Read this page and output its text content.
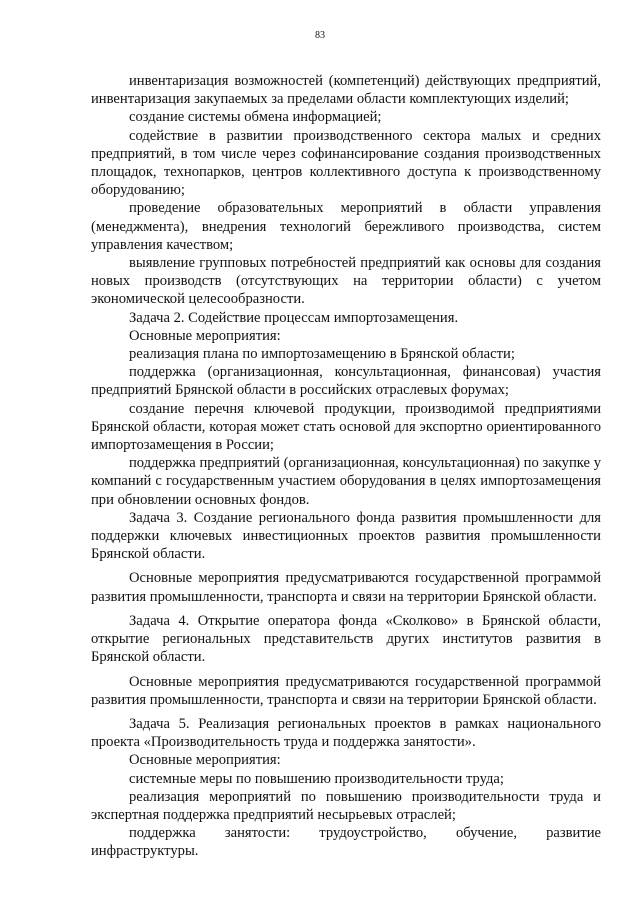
83

инвентаризация возможностей (компетенций) действующих предприятий, инвентаризация закупаемых за пределами области комплектующих изделий;

создание системы обмена информацией;

содействие в развитии производственного сектора малых и средних предприятий, в том числе через софинансирование создания производственных площадок, технопарков, центров коллективного доступа к производственному оборудованию;

проведение образовательных мероприятий в области управления (менеджмента), внедрения технологий бережливого производства, систем управления качеством;

выявление групповых потребностей предприятий как основы для создания новых производств (отсутствующих на территории области) с учетом экономической целесообразности.

Задача 2. Содействие процессам импортозамещения.

Основные мероприятия:

реализация плана по импортозамещению в Брянской области;

поддержка (организационная, консультационная, финансовая) участия предприятий Брянской области в российских отраслевых форумах;

создание перечня ключевой продукции, производимой предприятиями Брянской области, которая может стать основой для экспортно ориентированного импортозамещения в России;

поддержка предприятий (организационная, консультационная) по закупке у компаний с государственным участием оборудования в целях импортозамещения при обновлении основных фондов.

Задача 3. Создание регионального фонда развития промышленности для поддержки ключевых инвестиционных проектов развития промышленности Брянской области.

Основные мероприятия предусматриваются государственной программой развития промышленности, транспорта и связи на территории Брянской области.

Задача 4. Открытие оператора фонда «Сколково» в Брянской области, открытие региональных представительств других институтов развития в Брянской области.

Основные мероприятия предусматриваются государственной программой развития промышленности, транспорта и связи на территории Брянской области.

Задача 5. Реализация региональных проектов в рамках национального проекта «Производительность труда и поддержка занятости».

Основные мероприятия:

системные меры по повышению производительности труда;

реализация мероприятий по повышению производительности труда и экспертная поддержка предприятий несырьевых отраслей;

поддержка занятости: трудоустройство, обучение, развитие инфраструктуры.
